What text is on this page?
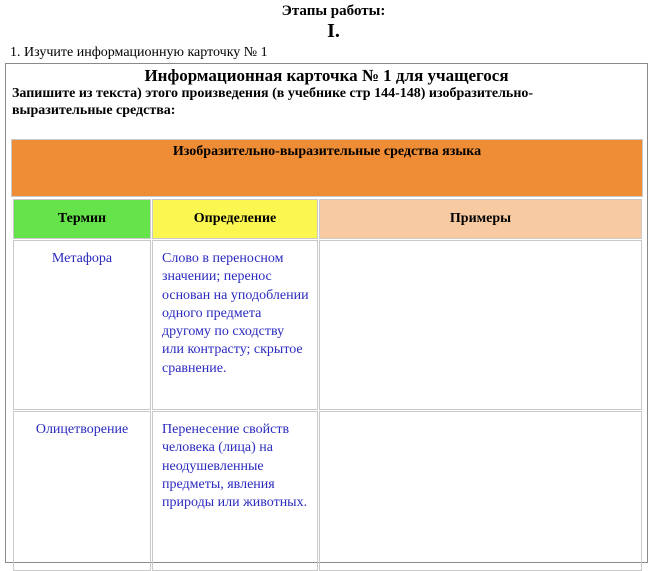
Этапы работы:
I.
1. Изучите информационную карточку № 1
Информационная карточка № 1 для учащегося
Запишите из текста) этого произведения (в учебнике стр 144-148) изобразительно-выразительные средства:
Изобразительно-выразительные средства языка
Термин	Определение	Примеры
Метафора	Слово в переносном значении; перенос основан на уподоблении одного предмета другому по сходству или контрасту; скрытое сравнение.
Олицетворение	Перенесение свойств человека (лица) на неодушевленные предметы, явления природы или животных.
